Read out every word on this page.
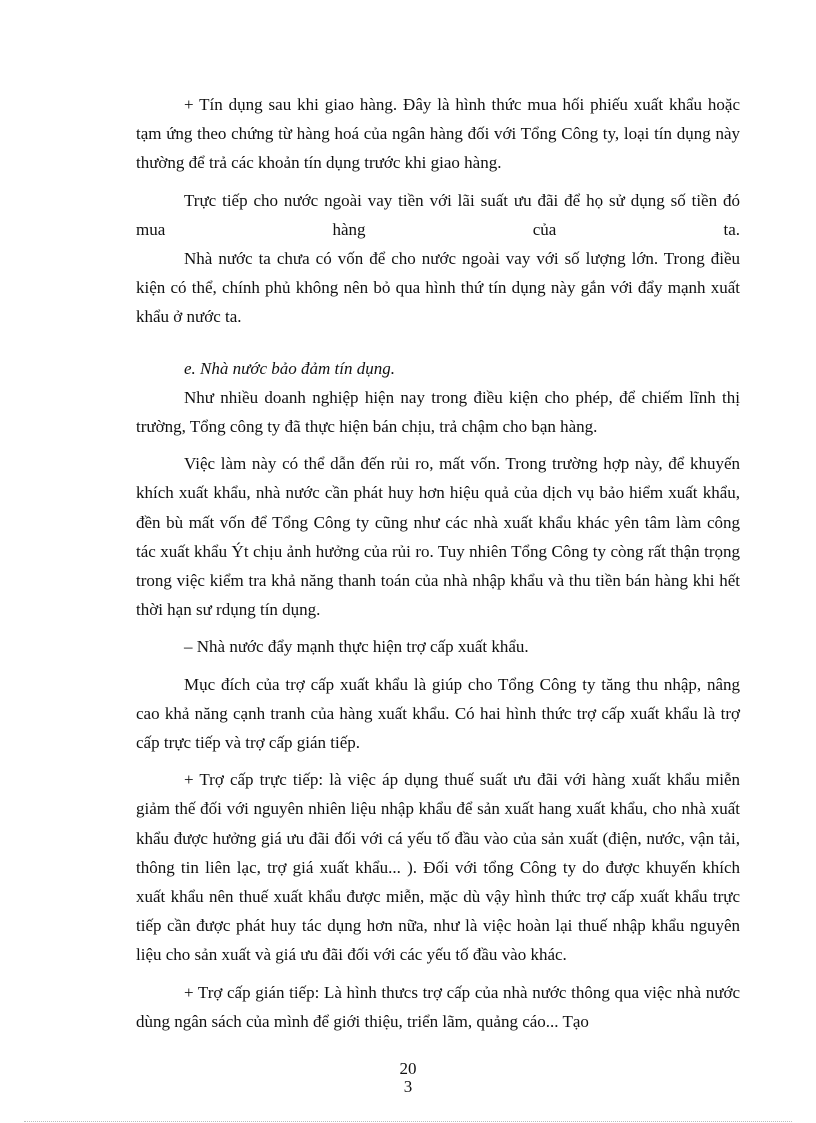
+ Tín dụng sau khi giao hàng. Đây là hình thức mua hối phiếu xuất khẩu hoặc tạm ứng theo chứng từ hàng hoá của ngân hàng đối với Tổng Công ty, loại tín dụng này thường để trả các khoản tín dụng trước khi giao hàng.

Trực tiếp cho nước ngoài vay tiền với lãi suất ưu đãi để họ sử dụng số tiền đó mua hàng của ta.

Nhà nước ta chưa có vốn để cho nước ngoài vay với số lượng lớn. Trong điều kiện có thể, chính phủ không nên bỏ qua hình thứ tín dụng này gắn với đẩy mạnh xuất khẩu ở nước ta.

e. Nhà nước bảo đảm tín dụng.

Như nhiều doanh nghiệp hiện nay trong điều kiện cho phép, để chiếm lĩnh thị trường, Tổng công ty đã thực hiện bán chịu, trả chậm cho bạn hàng.

Việc làm này có thể dẫn đến rủi ro, mất vốn. Trong trường hợp này, để khuyến khích xuất khẩu, nhà nước cần phát huy hơn hiệu quả của dịch vụ bảo hiểm xuất khẩu, đền bù mất vốn để Tổng Công ty cũng như các nhà xuất khẩu khác yên tâm làm công tác xuất khẩu Ýt chịu ảnh hưởng của rủi ro. Tuy nhiên Tổng Công ty còng rất thận trọng trong việc kiểm tra khả năng thanh toán của nhà nhập khẩu và thu tiền bán hàng khi hết thời hạn sư rdụng tín dụng.

– Nhà nước đẩy mạnh thực hiện trợ cấp xuất khẩu.

Mục đích của trợ cấp xuất khẩu là giúp cho Tổng Công ty tăng thu nhập, nâng cao khả năng cạnh tranh của hàng xuất khẩu. Có hai hình thức trợ cấp xuất khẩu là trợ cấp trực tiếp và trợ cấp gián tiếp.

+ Trợ cấp trực tiếp: là việc áp dụng thuế suất ưu đãi với hàng xuất khẩu miễn giảm thế đối với nguyên nhiên liệu nhập khẩu để sản xuất hang xuất khẩu, cho nhà xuất khẩu được hưởng giá ưu đãi đối với cá yếu tố đầu vào của sản xuất (điện, nước, vận tải, thông tin liên lạc, trợ giá xuất khẩu... ). Đối với tổng Công ty do được khuyến khích xuất khẩu nên thuế xuất khẩu được miễn, mặc dù vậy hình thức trợ cấp xuất khẩu trực tiếp cần được phát huy tác dụng hơn nữa, như là việc hoàn lại thuế nhập khẩu nguyên liệu cho sản xuất và giá ưu đãi đối với các yếu tố đầu vào khác.

+ Trợ cấp gián tiếp: Là hình thưcs trợ cấp của nhà nước thông qua việc nhà nước dùng ngân sách của mình để giới thiệu, triển lãm, quảng cáo... Tạo

20
3
